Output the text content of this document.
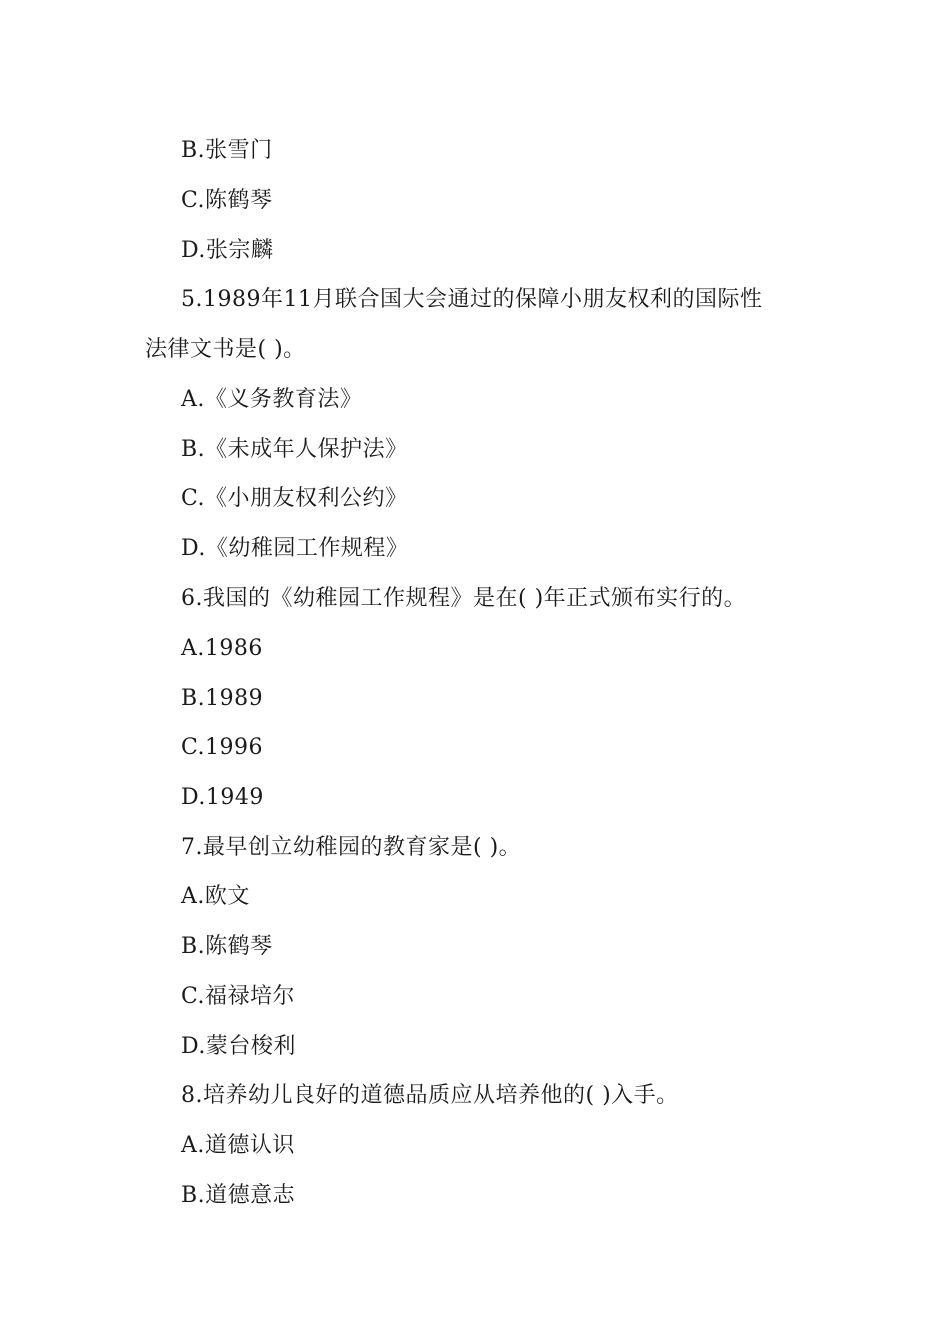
B.张雪门
C.陈鹤琴
D.张宗麟
5.1989年11月联合国大会通过的保障小朋友权利的国际性
法律文书是( )。
A.《义务教育法》
B.《未成年人保护法》
C.《小朋友权利公约》
D.《幼稚园工作规程》
6.我国的《幼稚园工作规程》是在( )年正式颁布实行的。
A.1986
B.1989
C.1996
D.1949
7.最早创立幼稚园的教育家是( )。
A.欧文
B.陈鹤琴
C.福禄培尔
D.蒙台梭利
8.培养幼儿良好的道德品质应从培养他的( )入手。
A.道德认识
B.道德意志
